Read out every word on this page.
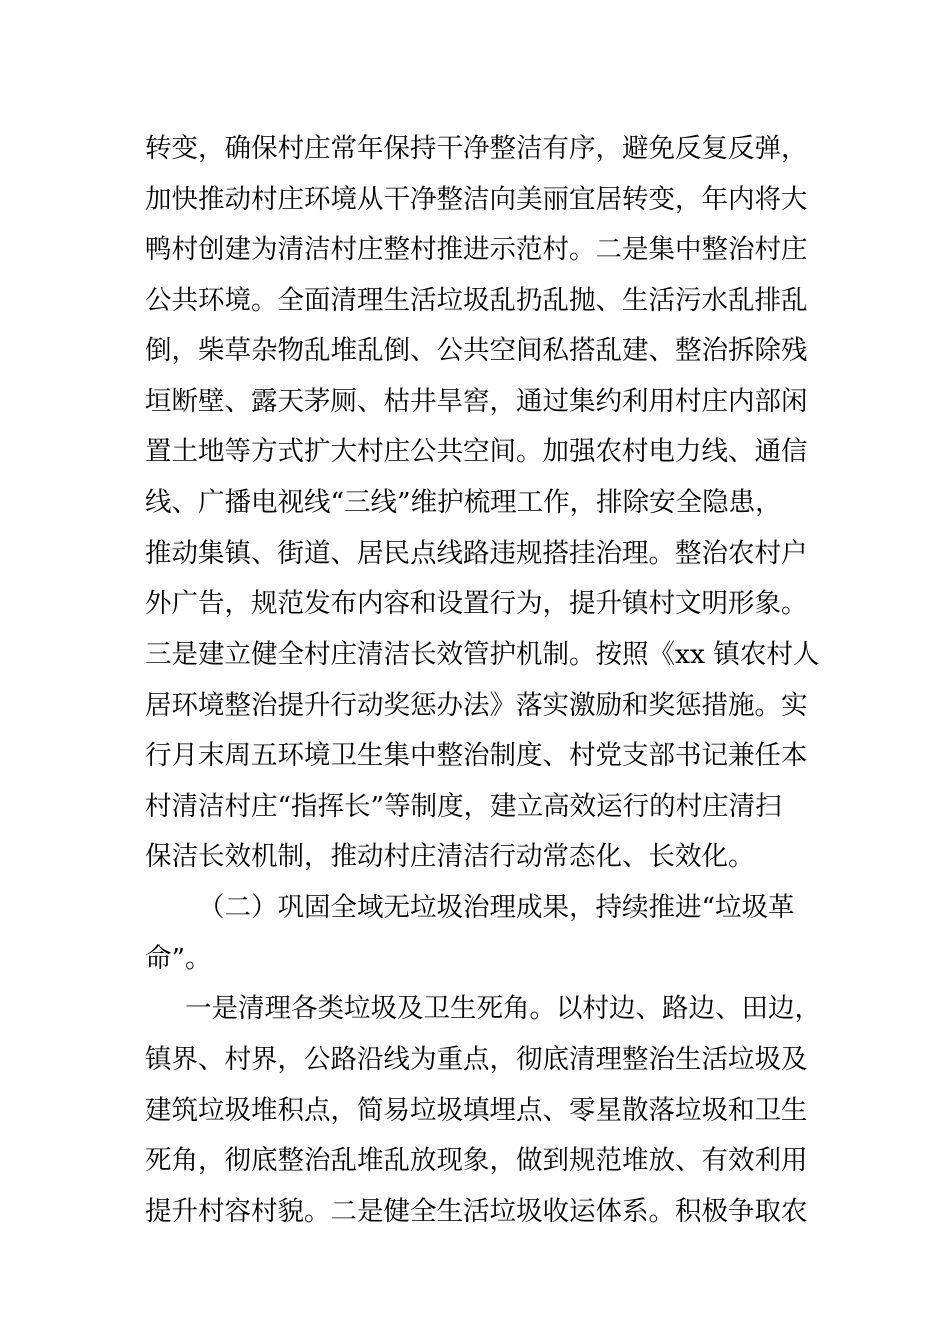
转变，确保村庄常年保持干净整洁有序，避免反复反弹，
加快推动村庄环境从干净整洁向美丽宜居转变，年内将大
鸭村创建为清洁村庄整村推进示范村。二是集中整治村庄
公共环境。全面清理生活垃圾乱扔乱抛、生活污水乱排乱
倒，柴草杂物乱堆乱倒、公共空间私搭乱建、整治拆除残
垣断壁、露天茅厕、枯井旱窖，通过集约利用村庄内部闲
置土地等方式扩大村庄公共空间。加强农村电力线、通信
线、广播电视线“三线”维护梳理工作，排除安全隐患，
推动集镇、街道、居民点线路违规搭挂治理。整治农村户
外广告，规范发布内容和设置行为，提升镇村文明形象。
三是建立健全村庄清洁长效管护机制。按照《xx 镇农村人
居环境整治提升行动奖惩办法》落实激励和奖惩措施。实
行月末周五环境卫生集中整治制度、村党支部书记兼任本
村清洁村庄“指挥长”等制度，建立高效运行的村庄清扫
保洁长效机制，推动村庄清洁行动常态化、长效化。
（二）巩固全域无垃圾治理成果，持续推进“垃圾革
命”。
一是清理各类垃圾及卫生死角。以村边、路边、田边，
镇界、村界，公路沿线为重点，彻底清理整治生活垃圾及
建筑垃圾堆积点，简易垃圾填埋点、零星散落垃圾和卫生
死角，彻底整治乱堆乱放现象，做到规范堆放、有效利用
提升村容村貌。二是健全生活垃圾收运体系。积极争取农
